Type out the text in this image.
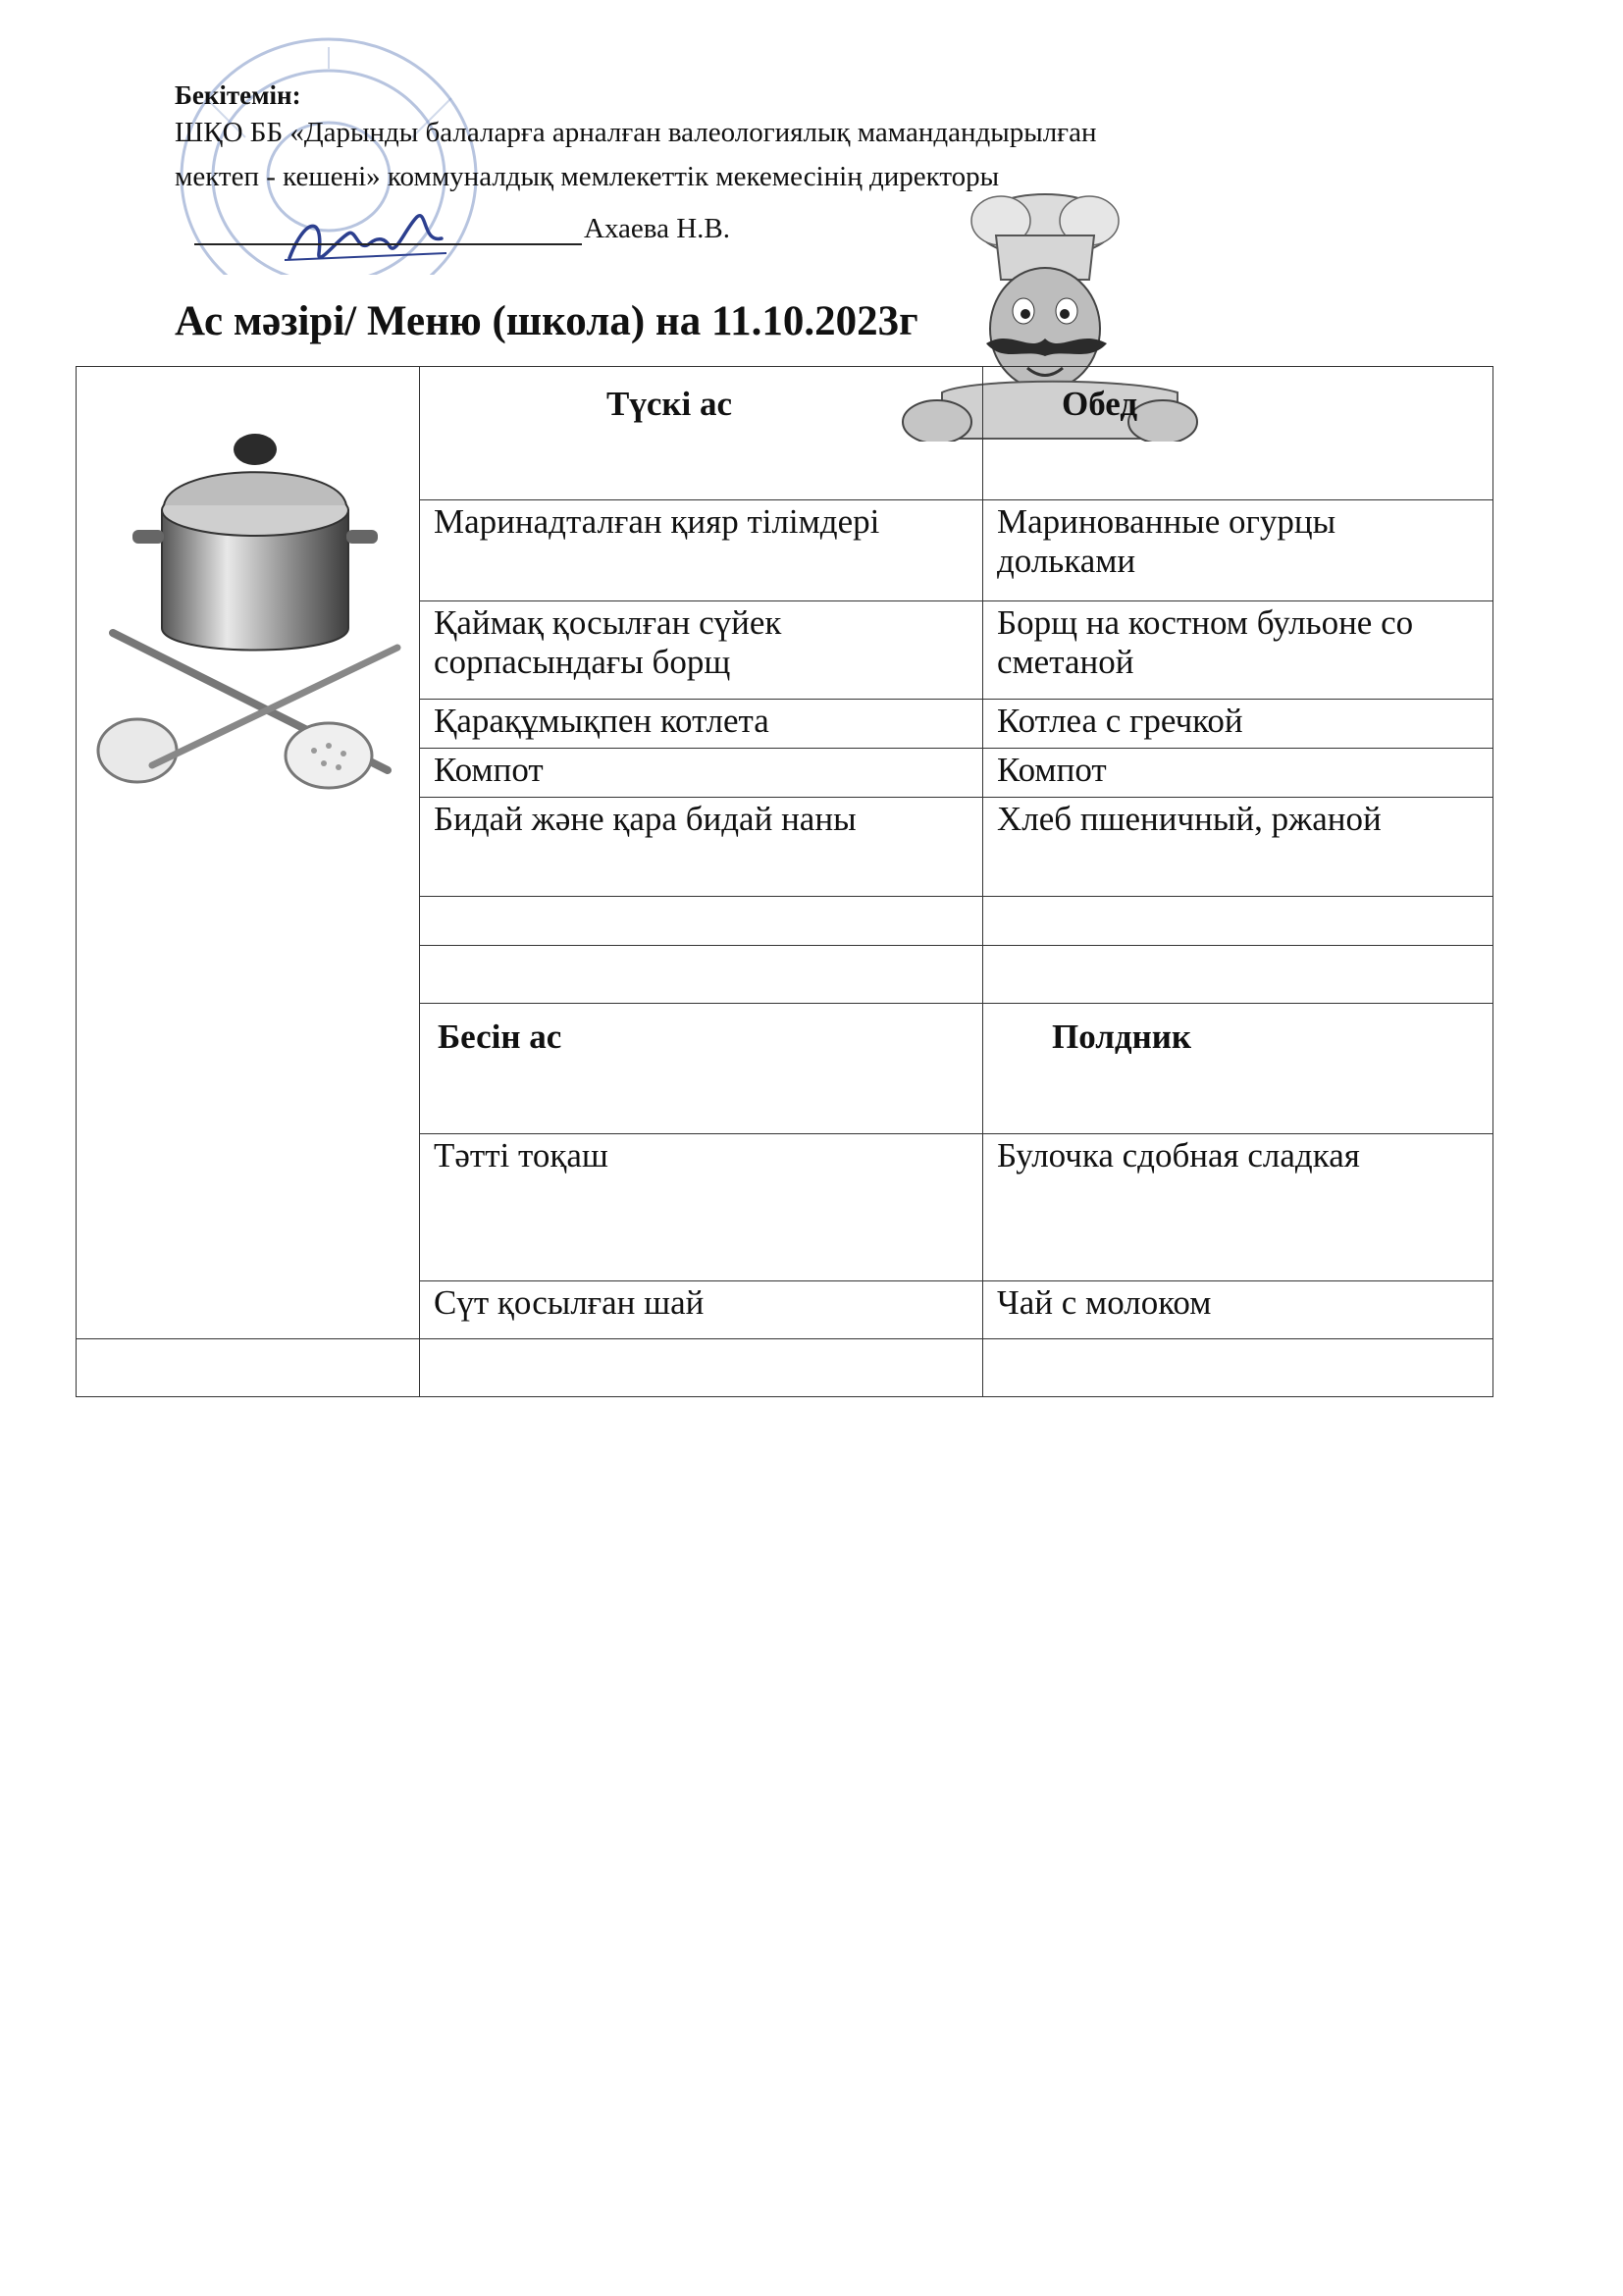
Бекітемін:

ШҚО ББ «Дарынды балаларға арналған валеологиялық мамандандырылған
мектеп - кешені» коммуналдық мемлекеттік мекемесінің директоры
Ахаева Н.В.
Ас мәзірі/ Меню (школа) на 11.10.2023г
	Түскі ас	Обед
	Маринадталған қияр тілімдері	Маринованные огурцы дольками
	Қаймақ қосылған сүйек сорпасындағы борщ	Борщ на костном бульоне со сметаной
	Қарақұмықпен котлета	Котлеа с гречкой
	Компот	Компот
	Бидай және қара бидай наны	Хлеб пшеничный, ржаной

	Бесін ас	Полдник
	Тәтті тоқаш	Булочка сдобная сладкая
	Сүт қосылған шай	Чай с молоком
